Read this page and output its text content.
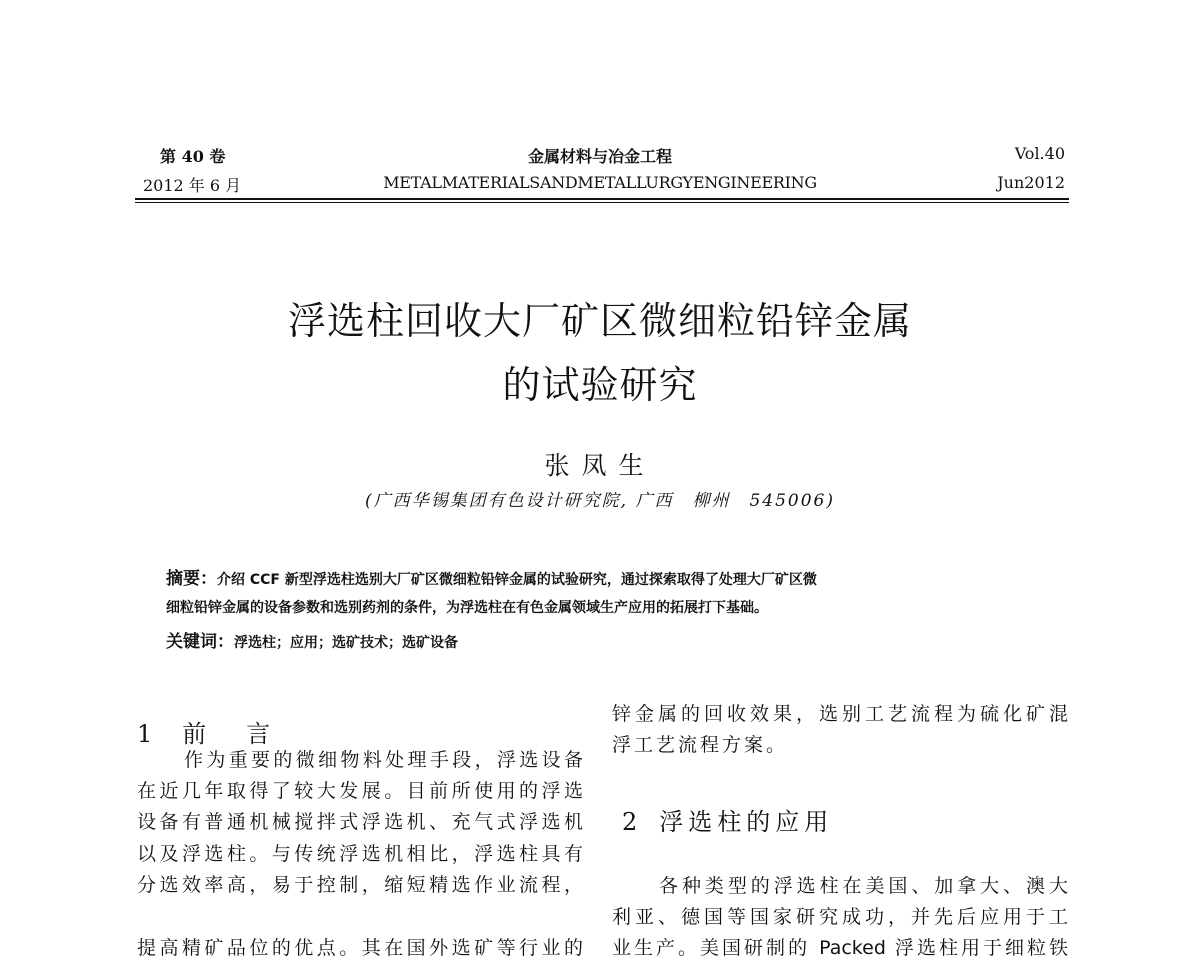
第 40 卷
2012 年 6 月
金属材料与冶金工程
METALMATERIALSANDMETALLURGYENGINEERING
Vol.40
Jun2012
浮选柱回收大厂矿区微细粒铅锌金属
的试验研究
张凤生
(广西华锡集团有色设计研究院, 广西　柳州　545006)
摘要：介绍 CCF 新型浮选柱选别大厂矿区微细粒铅锌金属的试验研究，通过探索取得了处理大厂矿区微
细粒铅锌金属的设备参数和选别药剂的条件，为浮选柱在有色金属领域生产应用的拓展打下基础。
关键词：浮选柱；应用；选矿技术；选矿设备
1 前　言
作为重要的微细物料处理手段，浮选设备
在近几年取得了较大发展。目前所使用的浮选
设备有普通机械搅拌式浮选机、充气式浮选机
以及浮选柱。与传统浮选机相比，浮选柱具有
分选效率高，易于控制，缩短精选作业流程，
提高精矿品位的优点。其在国外选矿等行业的
锌金属的回收效果，选别工艺流程为硫化矿混
浮工艺流程方案。
2 浮选柱的应用
各种类型的浮选柱在美国、加拿大、澳大
利亚、德国等国家研究成功，并先后应用于工
业生产。美国研制的 Packed 浮选柱用于细粒铁
